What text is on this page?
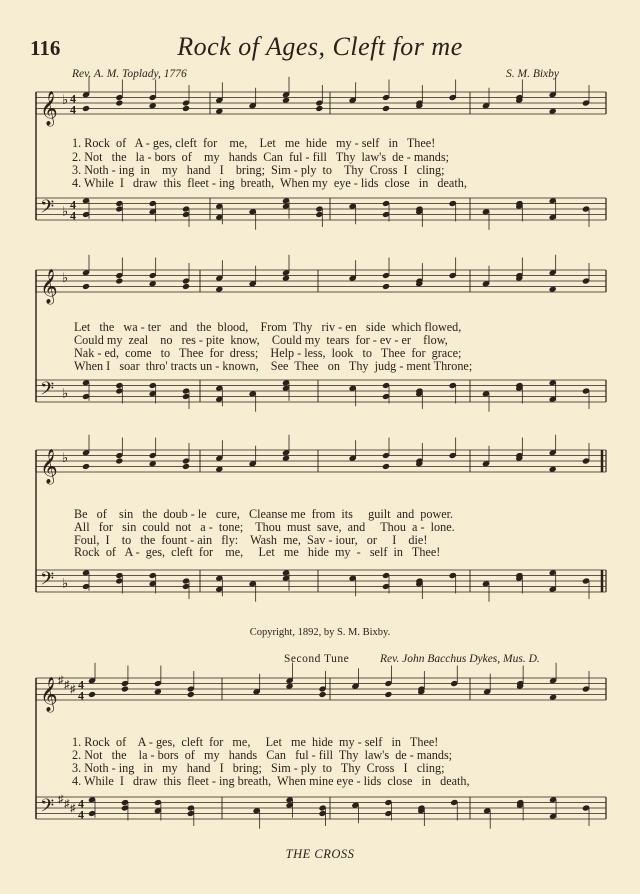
116	Rock of Ages, Cleft for me
Rev. A. M. Toplady, 1776	S. M. Bixby
𝄞 ♭ 4
4
𝄢 ♭ 4
4
𝄞 ♭
𝄢 ♭
𝄞 ♭
𝄢 ♭
𝄞 ♯ ♯ ♯ 4
4
𝄢 ♯ ♯ ♯ 4
4
1. Rock  of   A - ges, cleft  for    me,    Let   me  hide   my - self   in   Thee!
2. Not   the   la - bors  of    my   hands  Can  ful - fill   Thy  law's  de - mands;
3. Noth - ing  in    my   hand   I    bring;  Sim - ply  to    Thy  Cross  I   cling;
4. While  I   draw  this  fleet - ing  breath,  When my  eye - lids  close   in   death,
Let   the   wa - ter   and   the  blood,    From  Thy   riv - en   side  which flowed,
Could my  zeal    no   res - pite  know,    Could my  tears  for - ev - er    flow,
Nak - ed,  come   to   Thee  for  dress;    Help - less,  look   to   Thee  for  grace;
When I   soar  thro' tracts un - known,    See  Thee   on   Thy  judg - ment Throne;
Be   of    sin   the  doub - le   cure,   Cleanse me  from  its     guilt  and  power.
All   for   sin  could  not   a -  tone;    Thou  must  save,  and     Thou  a -  lone.
Foul,  I    to   the  fount - ain   fly:    Wash  me,  Sav - iour,   or     I    die!
Rock  of   A -  ges,  cleft  for    me,     Let   me   hide  my  -   self  in   Thee!
Copyright, 1892, by S. M. Bixby.
Second Tune	Rev. John Bacchus Dykes, Mus. D.
1. Rock  of    A - ges,  cleft  for   me,     Let   me  hide  my - self   in   Thee!
2. Not   the    la - bors  of   my   hands   Can   ful - fill  Thy  law's  de - mands;
3. Noth - ing   in   my   hand   I   bring;   Sim - ply  to   Thy  Cross   I   cling;
4. While  I   draw  this  fleet - ing breath,  When mine eye - lids  close   in   death,
THE CROSS
